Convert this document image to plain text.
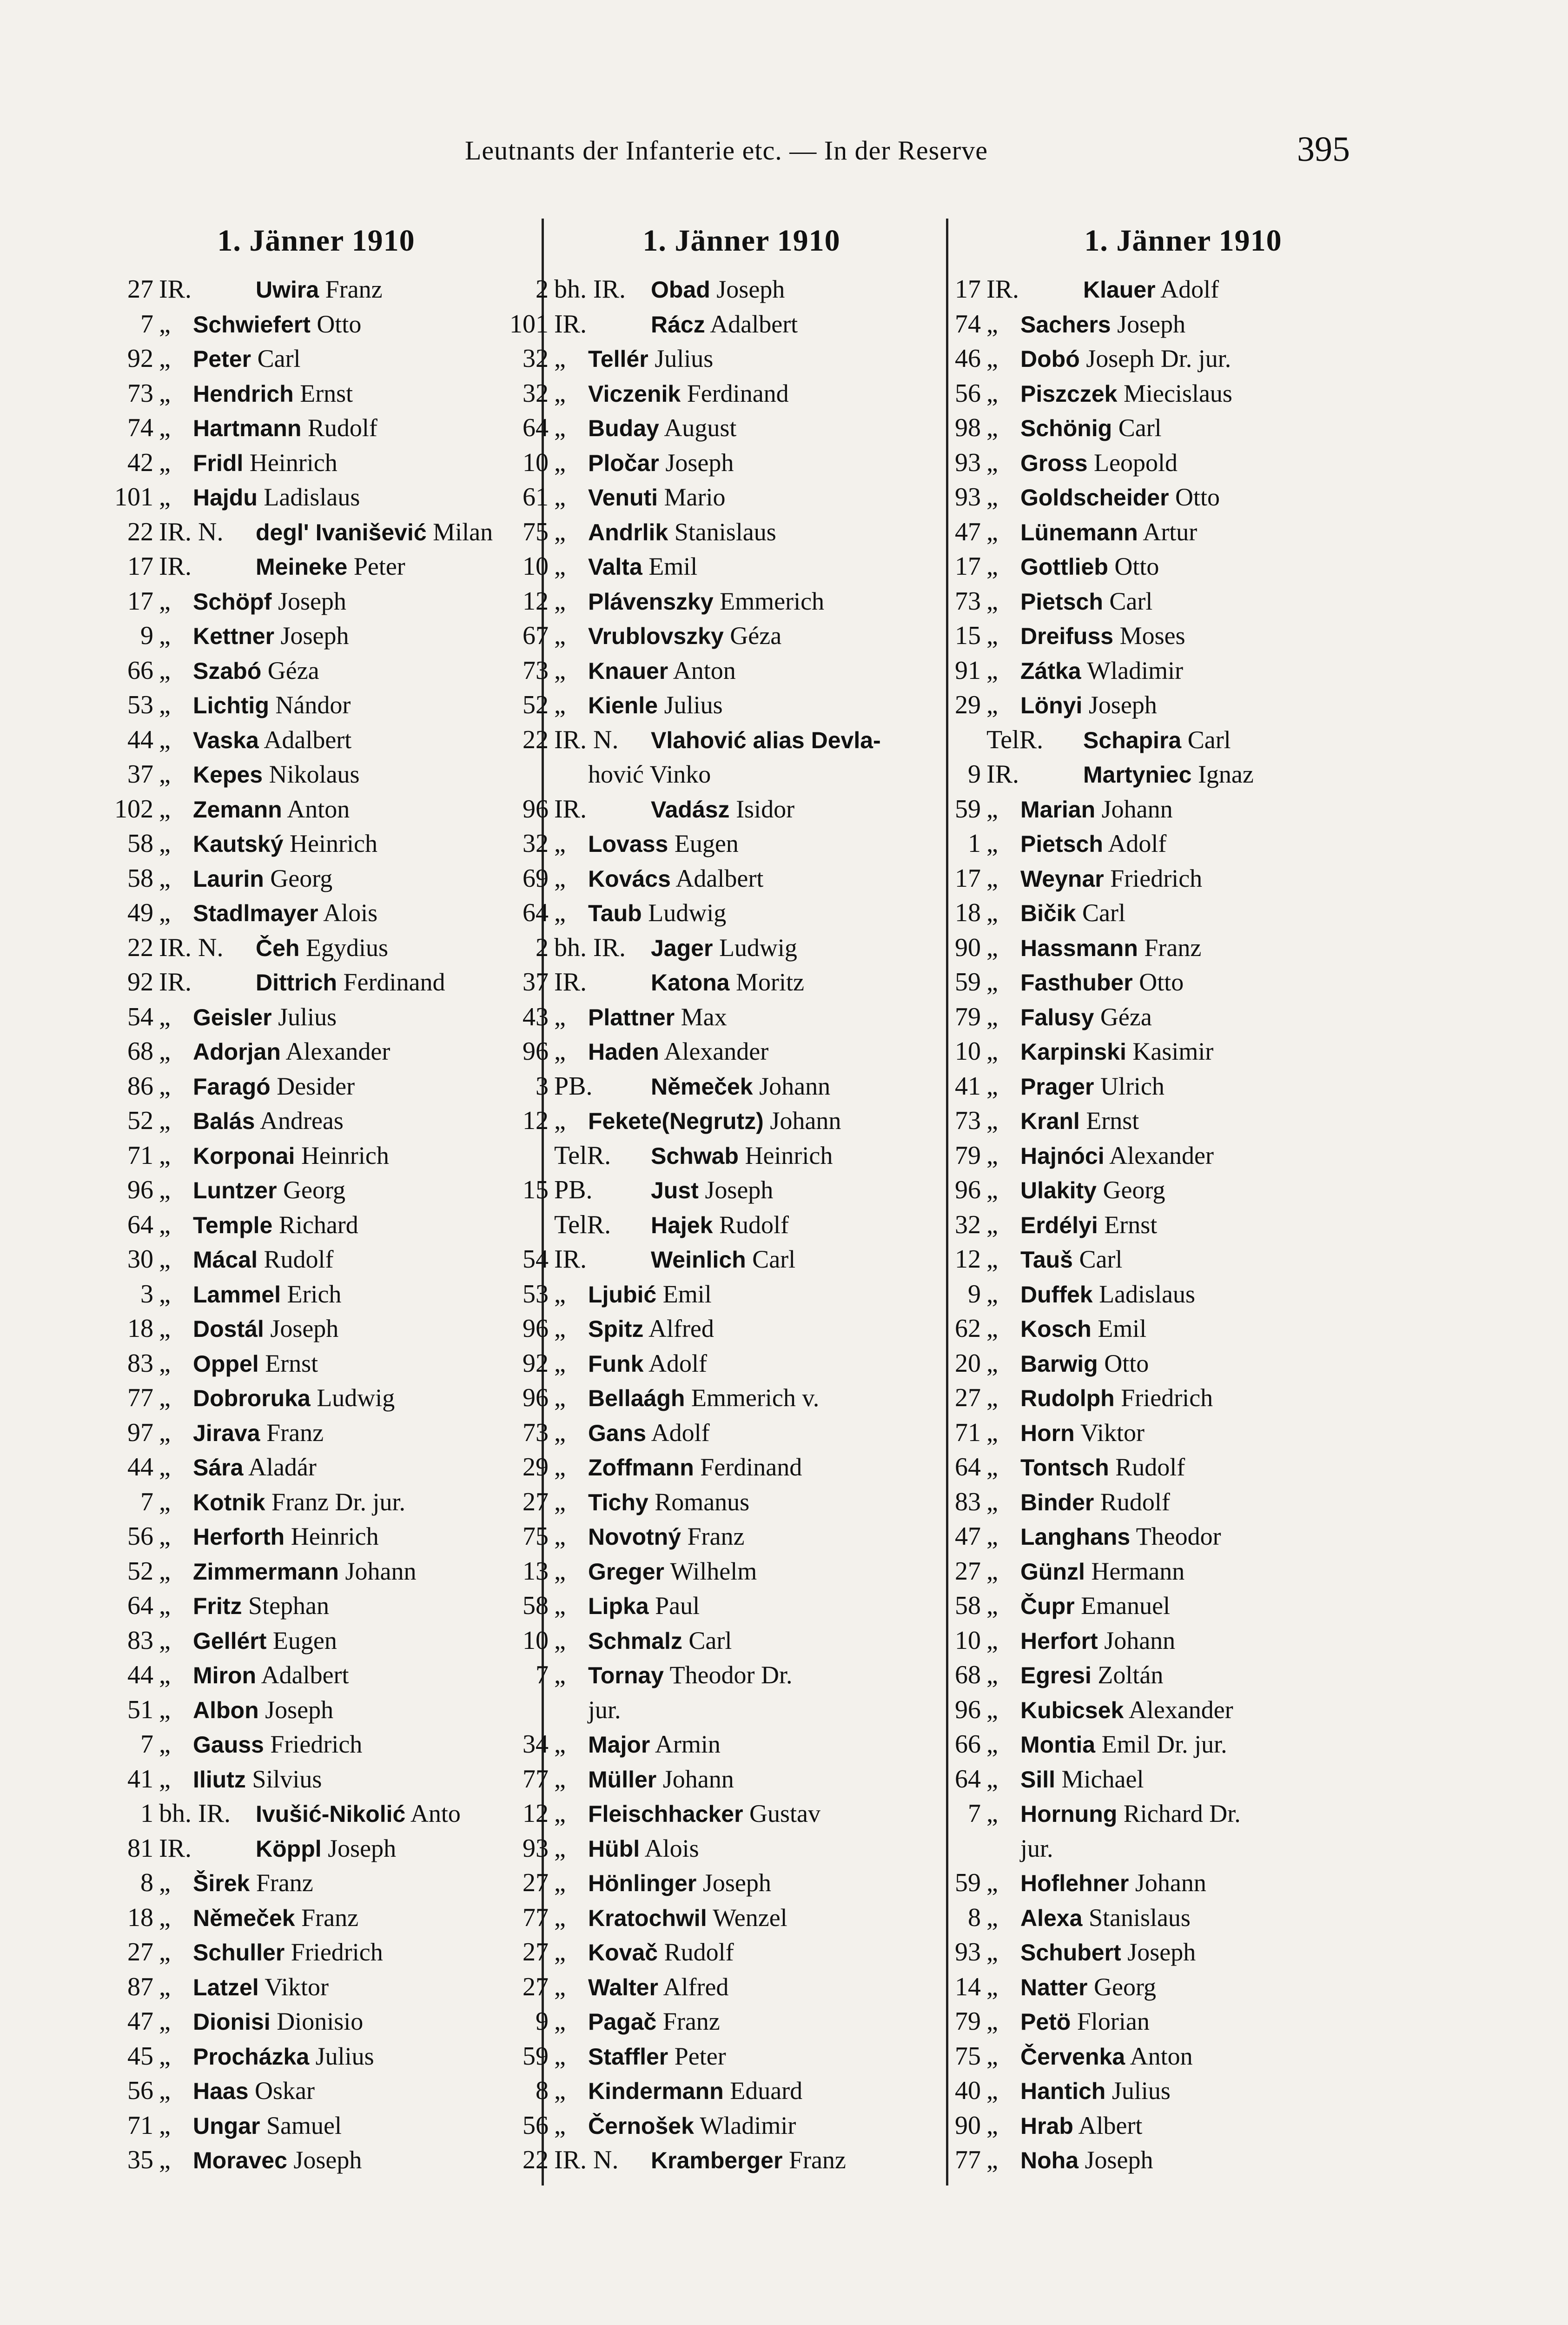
Leutnants der Infanterie etc. — In der Reserve	395
1. Jänner 1910
27 IR.	Uwira Franz
7 „ Schwiefert Otto
92 „ Peter Carl
73 „ Hendrich Ernst
74 „ Hartmann Rudolf
42 „ Fridl Heinrich
101 „ Hajdu Ladislaus
22 IR. N.	degl' Ivanišević Milan
17 IR.	Meineke Peter
17 „ Schöpf Joseph
9 „ Kettner Joseph
66 „ Szabó Géza
53 „ Lichtig Nándor
44 „ Vaska Adalbert
37 „ Kepes Nikolaus
102 „ Zemann Anton
58 „ Kautský Heinrich
58 „ Laurin Georg
49 „ Stadlmayer Alois
22 IR. N.	Čeh Egydius
92 IR.	Dittrich Ferdinand
54 „ Geisler Julius
68 „ Adorjan Alexander
86 „ Faragó Desider
52 „ Balás Andreas
71 „ Korponai Heinrich
96 „ Luntzer Georg
64 „ Temple Richard
30 „ Mácal Rudolf
3 „ Lammel Erich
18 „ Dostál Joseph
83 „ Oppel Ernst
77 „ Dobroruka Ludwig
97 „ Jirava Franz
44 „ Sára Aladár
7 „ Kotnik Franz Dr. jur.
56 „ Herforth Heinrich
52 „ Zimmermann Johann
64 „ Fritz Stephan
83 „ Gellért Eugen
44 „ Miron Adalbert
51 „ Albon Joseph
7 „ Gauss Friedrich
41 „ Iliutz Silvius
1 bh. IR.	Ivušić-Nikolić Anto
81 IR.	Köppl Joseph
8 „ Širek Franz
18 „ Němeček Franz
27 „ Schuller Friedrich
87 „ Latzel Viktor
47 „ Dionisi Dionisio
45 „ Procházka Julius
56 „ Haas Oskar
71 „ Ungar Samuel
35 „ Moravec Joseph
1. Jänner 1910
2 bh. IR.	Obad Joseph
101 IR.	Rácz Adalbert
32 „ Tellér Julius
32 „ Viczenik Ferdinand
64 „ Buday August
10 „ Pločar Joseph
61 „ Venuti Mario
75 „ Andrlik Stanislaus
10 „ Valta Emil
12 „ Plávenszky Emmerich
67 „ Vrublovszky Géza
73 „ Knauer Anton
52 „ Kienle Julius
22 IR. N.	Vlahović alias Devla-
hović Vinko
96 IR.	Vadász Isidor
32 „ Lovass Eugen
69 „ Kovács Adalbert
64 „ Taub Ludwig
2 bh. IR.	Jager Ludwig
37 IR.	Katona Moritz
43 „ Plattner Max
96 „ Haden Alexander
3 PB.	Němeček Johann
12 „ Fekete(Negrutz) Johann
TelR.	Schwab Heinrich
15 PB.	Just Joseph
TelR.	Hajek Rudolf
54 IR.	Weinlich Carl
53 „ Ljubić Emil
96 „ Spitz Alfred
92 „ Funk Adolf
96 „ Bellaágh Emmerich v.
73 „ Gans Adolf
29 „ Zoffmann Ferdinand
27 „ Tichy Romanus
75 „ Novotný Franz
13 „ Greger Wilhelm
58 „ Lipka Paul
10 „ Schmalz Carl
7 „ Tornay Theodor Dr.
jur.
34 „ Major Armin
77 „ Müller Johann
12 „ Fleischhacker Gustav
93 „ Hübl Alois
27 „ Hönlinger Joseph
77 „ Kratochwil Wenzel
27 „ Kovač Rudolf
27 „ Walter Alfred
9 „ Pagač Franz
59 „ Staffler Peter
8 „ Kindermann Eduard
56 „ Černošek Wladimir
22 IR. N.	Kramberger Franz
1. Jänner 1910
17 IR.	Klauer Adolf
74 „ Sachers Joseph
46 „ Dobó Joseph Dr. jur.
56 „ Piszczek Miecislaus
98 „ Schönig Carl
93 „ Gross Leopold
93 „ Goldscheider Otto
47 „ Lünemann Artur
17 „ Gottlieb Otto
73 „ Pietsch Carl
15 „ Dreifuss Moses
91 „ Zátka Wladimir
29 „ Lönyi Joseph
TelR.	Schapira Carl
9 IR.	Martyniec Ignaz
59 „ Marian Johann
1 „ Pietsch Adolf
17 „ Weynar Friedrich
18 „ Bičik Carl
90 „ Hassmann Franz
59 „ Fasthuber Otto
79 „ Falusy Géza
10 „ Karpinski Kasimir
41 „ Prager Ulrich
73 „ Kranl Ernst
79 „ Hajnóci Alexander
96 „ Ulakity Georg
32 „ Erdélyi Ernst
12 „ Tauš Carl
9 „ Duffek Ladislaus
62 „ Kosch Emil
20 „ Barwig Otto
27 „ Rudolph Friedrich
71 „ Horn Viktor
64 „ Tontsch Rudolf
83 „ Binder Rudolf
47 „ Langhans Theodor
27 „ Günzl Hermann
58 „ Čupr Emanuel
10 „ Herfort Johann
68 „ Egresi Zoltán
96 „ Kubicsek Alexander
66 „ Montia Emil Dr. jur.
64 „ Sill Michael
7 „ Hornung Richard Dr.
jur.
59 „ Hoflehner Johann
8 „ Alexa Stanislaus
93 „ Schubert Joseph
14 „ Natter Georg
79 „ Petö Florian
75 „ Červenka Anton
40 „ Hantich Julius
90 „ Hrab Albert
77 „ Noha Joseph
